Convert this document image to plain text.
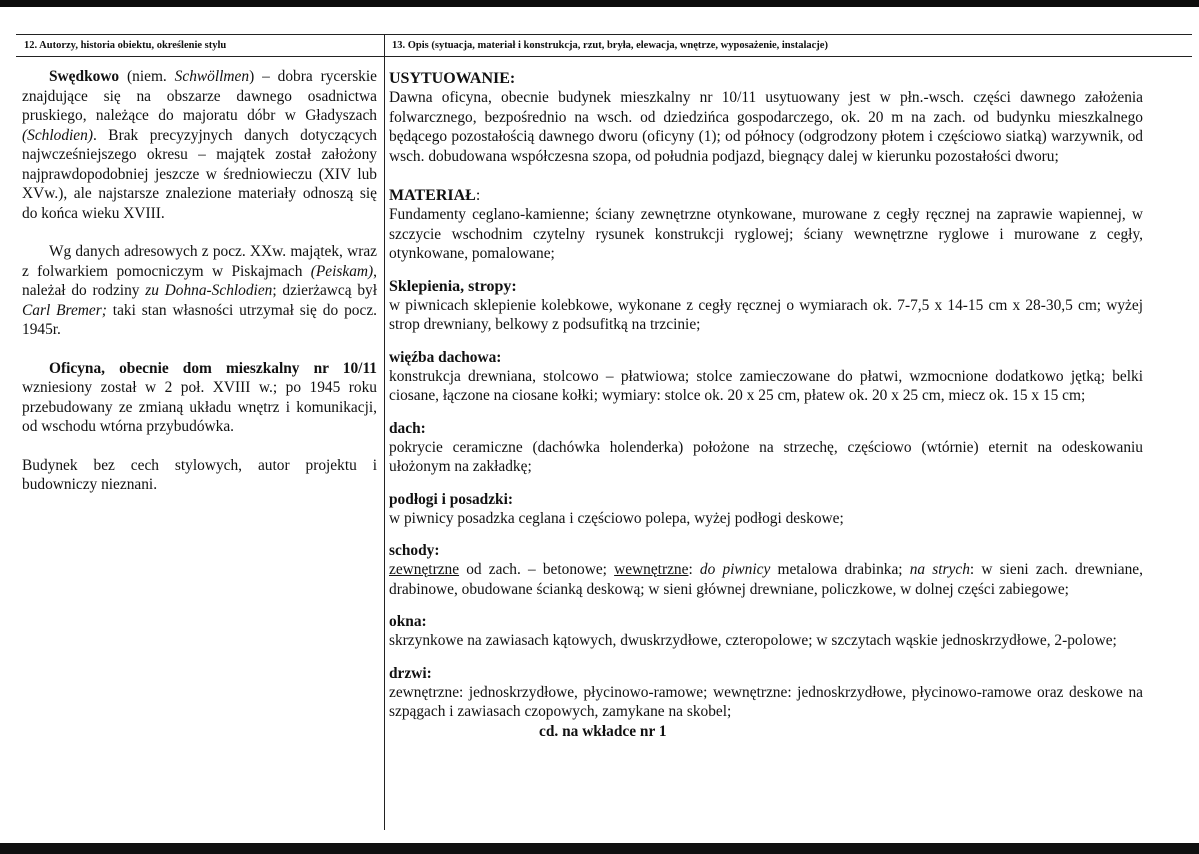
12. Autorzy, historia obiektu, określenie stylu	13. Opis (sytuacja, materiał i konstrukcja, rzut, bryła, elewacja, wnętrze, wyposażenie, instalacje)

Swędkowo (niem. Schwöllmen) – dobra rycerskie znajdujące się na obszarze dawnego osadnictwa pruskiego, należące do majoratu dóbr w Gładyszach (Schlodien). Brak precyzyjnych danych dotyczących najwcześniejszego okresu – majątek został założony najprawdopodobniej jeszcze w średniowieczu (XIV lub XVw.), ale najstarsze znalezione materiały odnoszą się do końca wieku XVIII.

Wg danych adresowych z pocz. XXw. majątek, wraz z folwarkiem pomocniczym w Piskajmach (Peiskam), należał do rodziny zu Dohna-Schlodien; dzierżawcą był Carl Bremer; taki stan własności utrzymał się do pocz. 1945r.

Oficyna, obecnie dom mieszkalny nr 10/11 wzniesiony został w 2 poł. XVIII w.; po 1945 roku przebudowany ze zmianą układu wnętrz i komunikacji, od wschodu wtórna przybudówka.

Budynek bez cech stylowych, autor projektu i budowniczy nieznani.

USYTUOWANIE:
Dawna oficyna, obecnie budynek mieszkalny nr 10/11 usytuowany jest w płn.-wsch. części dawnego założenia folwarcznego, bezpośrednio na wsch. od dziedzińca gospodarczego, ok. 20 m na zach. od budynku mieszkalnego będącego pozostałością dawnego dworu (oficyny (1); od północy (odgrodzony płotem i częściowo siatką) warzywnik, od wsch. dobudowana współczesna szopa, od południa podjazd, biegnący dalej w kierunku pozostałości dworu;
MATERIAŁ:
Fundamenty ceglano-kamienne; ściany zewnętrzne otynkowane, murowane z cegły ręcznej na zaprawie wapiennej, w szczycie wschodnim czytelny rysunek konstrukcji ryglowej; ściany wewnętrzne ryglowe i murowane z cegły, otynkowane, pomalowane;
Sklepienia, stropy:
w piwnicach sklepienie kolebkowe, wykonane z cegły ręcznej o wymiarach ok. 7-7,5 x 14-15 cm x 28-30,5 cm; wyżej strop drewniany, belkowy z podsufitką na trzcinie;
więźba dachowa:
konstrukcja drewniana, stolcowo – płatwiowa; stolce zamieczowane do płatwi, wzmocnione dodatkowo jętką; belki ciosane, łączone na ciosane kołki; wymiary: stolce ok. 20 x 25 cm, płatew ok. 20 x 25 cm, miecz ok. 15 x 15 cm;
dach:
pokrycie ceramiczne (dachówka holenderka) położone na strzechę, częściowo (wtórnie) eternit na odeskowaniu ułożonym na zakładkę;
podłogi i posadzki:
w piwnicy posadzka ceglana i częściowo polepa, wyżej podłogi deskowe;
schody:
zewnętrzne od zach. – betonowe; wewnętrzne: do piwnicy metalowa drabinka; na strych: w sieni zach. drewniane, drabinowe, obudowane ścianką deskową; w sieni głównej drewniane, policzkowe, w dolnej części zabiegowe;
okna:
skrzynkowe na zawiasach kątowych, dwuskrzydłowe, czteropolowe; w szczytach wąskie jednoskrzydłowe, 2-polowe;
drzwi:
zewnętrzne: jednoskrzydłowe, płycinowo-ramowe; wewnętrzne: jednoskrzydłowe, płycinowo-ramowe oraz deskowe na szpągach i zawiasach czopowych, zamykane na skobel;
cd. na wkładce nr 1
